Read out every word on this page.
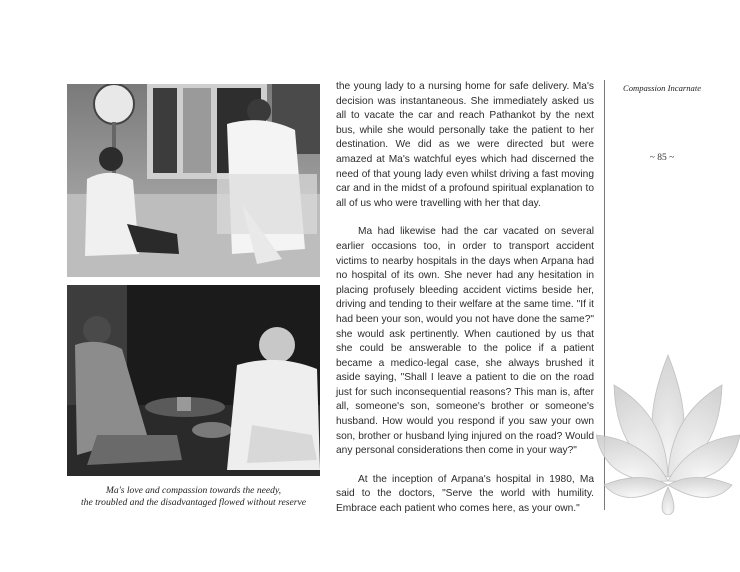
Ma's love and compassion towards the needy,
the troubled and the disadvantaged flowed without reserve

the young lady to a nursing home for safe delivery. Ma's decision was instantaneous. She immediately asked us all to vacate the car and reach Pathankot by the next bus, while she would personally take the patient to her destination. We did as we were directed but were amazed at Ma's watchful eyes which had discerned the need of that young lady even whilst driving a fast moving car and in the midst of a profound spiritual explanation to all of us who were travelling with her that day.

Ma had likewise had the car vacated on several earlier occasions too, in order to transport accident victims to nearby hospitals in the days when Arpana had no hospital of its own. She never had any hesitation in placing profusely bleeding accident victims beside her, driving and tending to their welfare at the same time. "If it had been your son, would you not have done the same?" she would ask pertinently. When cautioned by us that she could be answerable to the police if a patient became a medico-legal case, she always brushed it aside saying, "Shall I leave a patient to die on the road just for such inconsequential reasons? This man is, after all, someone's son, someone's brother or someone's husband. How would you respond if you saw your own son, brother or husband lying injured on the road? Would any personal considerations then come in your way?"

At the inception of Arpana's hospital in 1980, Ma said to the doctors, "Serve the world with humility. Embrace each patient who comes here, as your own."

Compassion Incarnate
~ 85 ~
